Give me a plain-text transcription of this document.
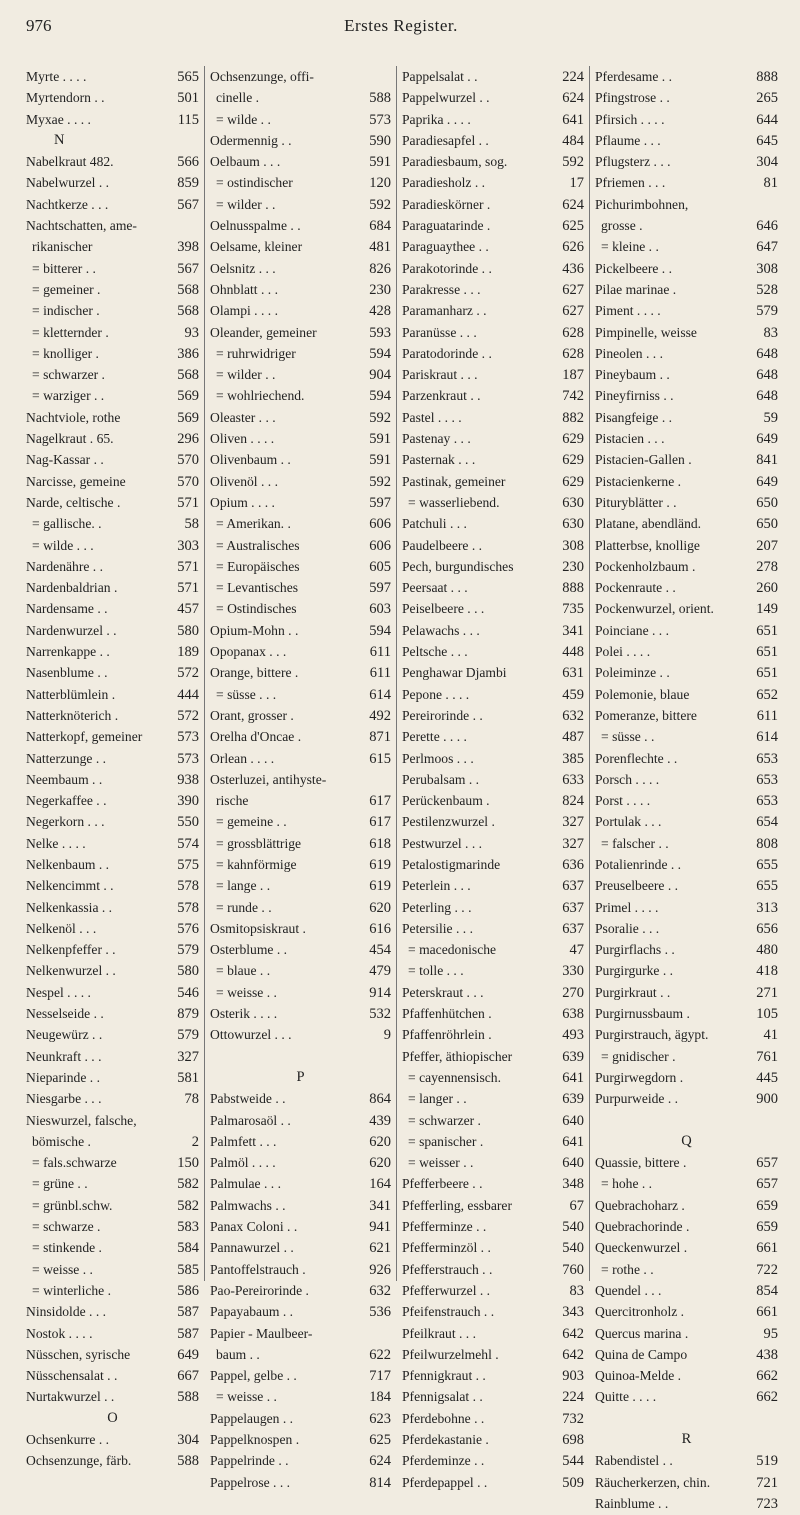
976	Erstes Register.
Myrte . . . .	565
Myrtendorn . .	501
Myxae . . . .	115
N
Nabelkraut 482.	566
Nabelwurzel . .	859
Nachtkerze . . .	567
Nachtschatten, ame-
rikanischer	398
= bitterer . .	567
= gemeiner .	568
= indischer .	568
= kletternder .	93
= knolliger .	386
= schwarzer .	568
= warziger . .	569
Nachtviole, rothe	569
Nagelkraut . 65.	296
Nag-Kassar . .	570
Narcisse, gemeine	570
Narde, celtische .	571
= gallische. .	58
= wilde . . .	303
Nardenähre . .	571
Nardenbaldrian .	571
Nardensame . .	457
Nardenwurzel . .	580
Narrenkappe . .	189
Nasenblume . .	572
Natterblümlein .	444
Natterknöterich .	572
Natterkopf, gemeiner	573
Natterzunge . .	573
Neembaum . .	938
Negerkaffee . .	390
Negerkorn . . .	550
Nelke . . . .	574
Nelkenbaum . .	575
Nelkencimmt . .	578
Nelkenkassia . .	578
Nelkenöl . . .	576
Nelkenpfeffer . .	579
Nelkenwurzel . .	580
Nespel . . . .	546
Nesselseide . .	879
Neugewürz . .	579
Neunkraft . . .	327
Nieparinde . .	581
Niesgarbe . . .	78
Nieswurzel, falsche,
bömische .	2
= fals.schwarze	150
= grüne . .	582
= grünbl.schw.	582
= schwarze .	583
= stinkende .	584
= weisse . .	585
= winterliche .	586
Ninsidolde . . .	587
Nostok . . . .	587
Nüsschen, syrische	649
Nüsschensalat . .	667
Nurtakwurzel . .	588
O
Ochsenkurre . .	304
Ochsenzunge, färb.	588
Ochsenzunge, offi-
cinelle .	588
= wilde . .	573
Odermennig . .	590
Oelbaum . . .	591
= ostindischer	120
= wilder . .	592
Oelnusspalme . .	684
Oelsame, kleiner	481
Oelsnitz . . .	826
Ohnblatt . . .	230
Olampi . . . .	428
Oleander, gemeiner	593
= ruhrwidriger	594
= wilder . .	904
= wohlriechend.	594
Oleaster . . .	592
Oliven . . . .	591
Olivenbaum . .	591
Olivenöl . . .	592
Opium . . . .	597
= Amerikan. .	606
= Australisches	606
= Europäisches	605
= Levantisches	597
= Ostindisches	603
Opium-Mohn . .	594
Opopanax . . .	611
Orange, bittere .	611
= süsse . . .	614
Orant, grosser .	492
Orelha d'Oncae .	871
Orlean . . . .	615
Osterluzei, antihyste-
rische	617
= gemeine . .	617
= grossblättrige	618
= kahnförmige	619
= lange . .	619
= runde . .	620
Osmitopsiskraut .	616
Osterblume . .	454
= blaue . .	479
= weisse . .	914
Osterik . . . .	532
Ottowurzel . . .	9
P
Pabstweide . .	864
Palmarosaöl . .	439
Palmfett . . .	620
Palmöl . . . .	620
Palmulae . . .	164
Palmwachs . .	341
Panax Coloni . .	941
Pannawurzel . .	621
Pantoffelstrauch .	926
Pao-Pereirorinde .	632
Papayabaum . .	536
Papier - Maulbeer-
baum . .	622
Pappel, gelbe . .	717
= weisse . .	184
Pappelaugen . .	623
Pappelknospen .	625
Pappelrinde . .	624
Pappelrose . . .	814
Pappelsalat . .	224
Pappelwurzel . .	624
Paprika . . . .	641
Paradiesapfel . .	484
Paradiesbaum, sog.	592
Paradiesholz . .	17
Paradieskörner .	624
Paraguatarinde .	625
Paraguaythee . .	626
Parakotorinde . .	436
Parakresse . . .	627
Paramanharz . .	627
Paranüsse . . .	628
Paratodorinde . .	628
Pariskraut . . .	187
Parzenkraut . .	742
Pastel . . . .	882
Pastenay . . .	629
Pasternak . . .	629
Pastinak, gemeiner	629
= wasserliebend.	630
Patchuli . . .	630
Paudelbeere . .	308
Pech, burgundisches	230
Peersaat . . .	888
Peiselbeere . . .	735
Pelawachs . . .	341
Peltsche . . .	448
Penghawar Djambi	631
Pepone . . . .	459
Pereirorinde . .	632
Perette . . . .	487
Perlmoos . . .	385
Perubalsam . .	633
Perückenbaum .	824
Pestilenzwurzel .	327
Pestwurzel . . .	327
Petalostigmarinde	636
Peterlein . . .	637
Peterling . . .	637
Petersilie . . .	637
= macedonische	47
= tolle . . .	330
Peterskraut . . .	270
Pfaffenhütchen .	638
Pfaffenröhrlein .	493
Pfeffer, äthiopischer	639
= cayennensisch.	641
= langer . .	639
= schwarzer .	640
= spanischer .	641
= weisser . .	640
Pfefferbeere . .	348
Pfefferling, essbarer	67
Pfefferminze . .	540
Pfefferminzöl . .	540
Pfefferstrauch . .	760
Pfefferwurzel . .	83
Pfeifenstrauch . .	343
Pfeilkraut . . .	642
Pfeilwurzelmehl .	642
Pfennigkraut . .	903
Pfennigsalat . .	224
Pferdebohne . .	732
Pferdekastanie .	698
Pferdeminze . .	544
Pferdepappel . .	509
Pferdesame . .	888
Pfingstrose . .	265
Pfirsich . . . .	644
Pflaume . . .	645
Pflugsterz . . .	304
Pfriemen . . .	81
Pichurimbohnen,
grosse .	646
= kleine . .	647
Pickelbeere . .	308
Pilae marinae .	528
Piment . . . .	579
Pimpinelle, weisse	83
Pineolen . . .	648
Pineybaum . .	648
Pineyfirniss . .	648
Pisangfeige . .	59
Pistacien . . .	649
Pistacien-Gallen .	841
Pistacienkerne .	649
Pituryblätter . .	650
Platane, abendländ.	650
Platterbse, knollige	207
Pockenholzbaum .	278
Pockenraute . .	260
Pockenwurzel, orient.	149
Poinciane . . .	651
Polei . . . .	651
Poleiminze . .	651
Polemonie, blaue	652
Pomeranze, bittere	611
= süsse . .	614
Porenflechte . .	653
Porsch . . . .	653
Porst . . . .	653
Portulak . . .	654
= falscher . .	808
Potalienrinde . .	655
Preuselbeere . .	655
Primel . . . .	313
Psoralie . . .	656
Purgirflachs . .	480
Purgirgurke . .	418
Purgirkraut . .	271
Purgirnussbaum .	105
Purgirstrauch, ägypt.	41
= gnidischer .	761
Purgirwegdorn .	445
Purpurweide . .	900
Q
Quassie, bittere .	657
= hohe . .	657
Quebrachoharz .	659
Quebrachorinde .	659
Queckenwurzel .	661
= rothe . .	722
Quendel . . .	854
Quercitronholz .	661
Quercus marina .	95
Quina de Campo	438
Quinoa-Melde .	662
Quitte . . . .	662
R
Rabendistel . .	519
Räucherkerzen, chin.	721
Rainblume . .	723
